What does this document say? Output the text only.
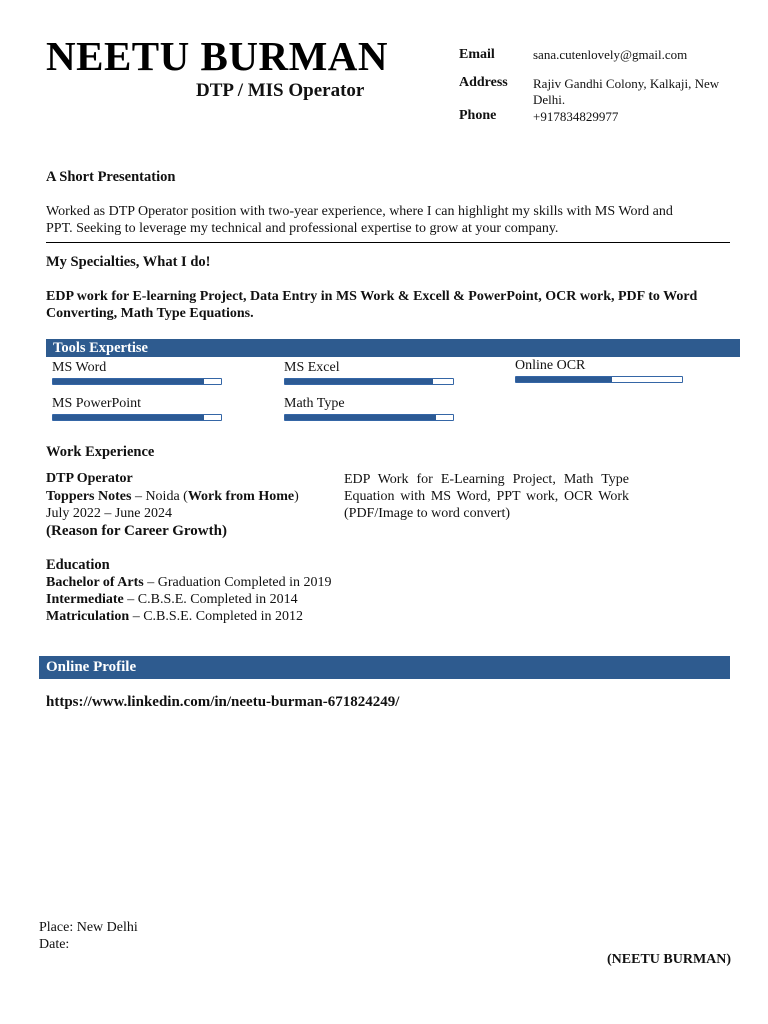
NEETU BURMAN
DTP / MIS Operator
Email	sana.cutenlovely@gmail.com
Address Rajiv Gandhi Colony, Kalkaji, New
Delhi.
Phone	+917834829977
A Short Presentation
Worked as DTP Operator position with two-year experience, where I can highlight my skills with MS Word and
PPT. Seeking to leverage my technical and professional expertise to grow at your company.
My Specialties, What I do!
EDP work for E-learning Project, Data Entry in MS Work & Excell & PowerPoint, OCR work, PDF to Word
Converting, Math Type Equations.
Tools Expertise
MS Word	MS Excel	Online OCR
MS PowerPoint	Math Type
Work Experience
DTP Operator
Toppers Notes – Noida (Work from Home)
July 2022 – June 2024
(Reason for Career Growth)
EDP Work for E-Learning Project, Math Type
Equation with MS Word, PPT work, OCR Work
(PDF/Image to word convert)
Education
Bachelor of Arts – Graduation Completed in 2019
Intermediate – C.B.S.E. Completed in 2014
Matriculation – C.B.S.E. Completed in 2012
Online Profile
https://www.linkedin.com/in/neetu-burman-671824249/
Place: New Delhi
Date:
(NEETU BURMAN)
